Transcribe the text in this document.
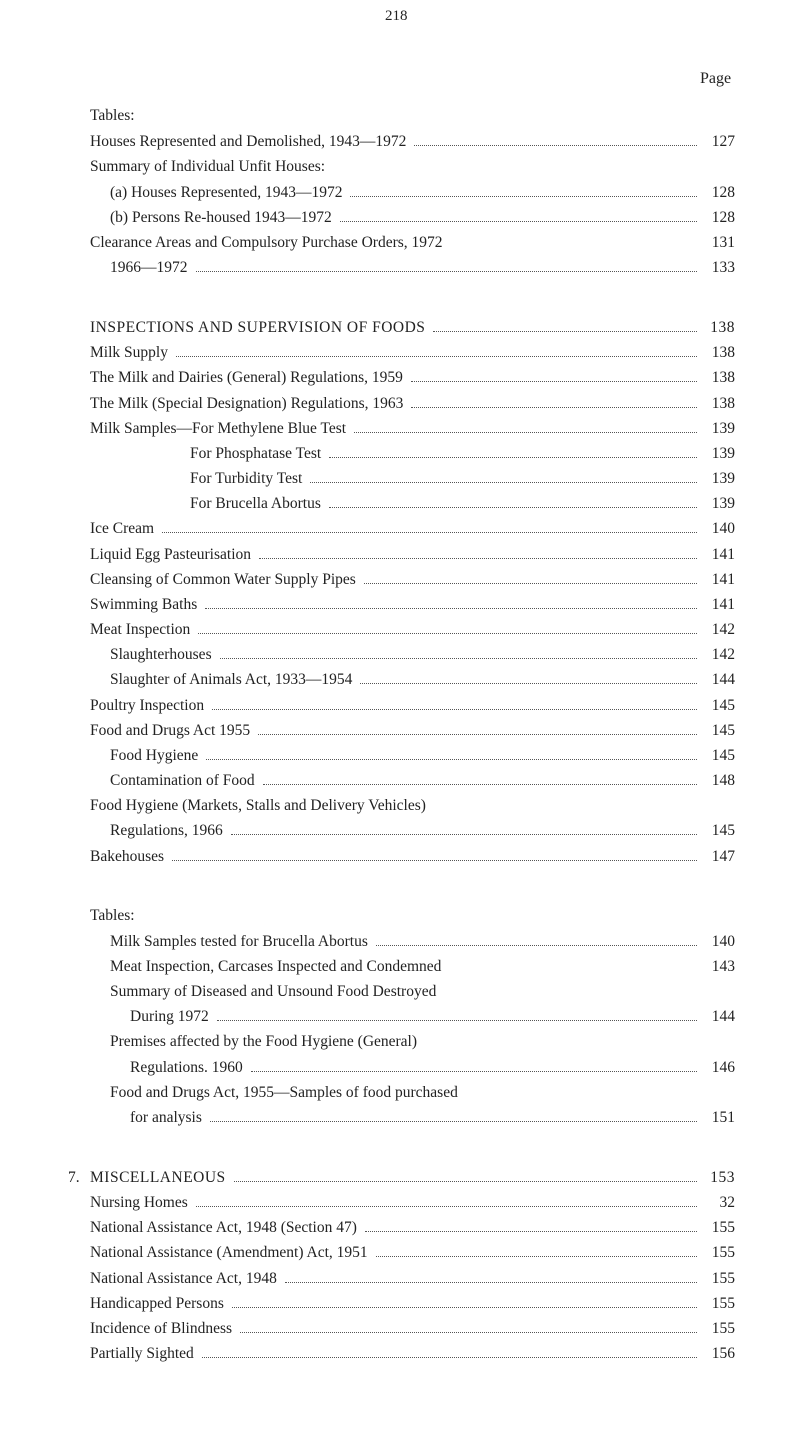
218
Page
Tables:
Houses Represented and Demolished, 1943—1972	127
Summary of Individual Unfit Houses:
(a) Houses Represented, 1943—1972	128
(b) Persons Re-housed 1943—1972	128
Clearance Areas and Compulsory Purchase Orders, 1972	131
1966—1972	133
INSPECTIONS AND SUPERVISION OF FOODS	138
Milk Supply	138
The Milk and Dairies (General) Regulations, 1959	138
The Milk (Special Designation) Regulations, 1963	138
Milk Samples—For Methylene Blue Test	139
For Phosphatase Test	139
For Turbidity Test	139
For Brucella Abortus	139
Ice Cream	140
Liquid Egg Pasteurisation	141
Cleansing of Common Water Supply Pipes	141
Swimming Baths	141
Meat Inspection	142
Slaughterhouses	142
Slaughter of Animals Act, 1933—1954	144
Poultry Inspection	145
Food and Drugs Act 1955	145
Food Hygiene	145
Contamination of Food	148
Food Hygiene (Markets, Stalls and Delivery Vehicles)
Regulations, 1966	145
Bakehouses	147
Tables:
Milk Samples tested for Brucella Abortus	140
Meat Inspection, Carcases Inspected and Condemned	143
Summary of Diseased and Unsound Food Destroyed
During 1972	144
Premises affected by the Food Hygiene (General)
Regulations. 1960	146
Food and Drugs Act, 1955—Samples of food purchased
for analysis	151
7. MISCELLANEOUS	153
Nursing Homes	32
National Assistance Act, 1948 (Section 47)	155
National Assistance (Amendment) Act, 1951	155
National Assistance Act, 1948	155
Handicapped Persons	155
Incidence of Blindness	155
Partially Sighted	156
